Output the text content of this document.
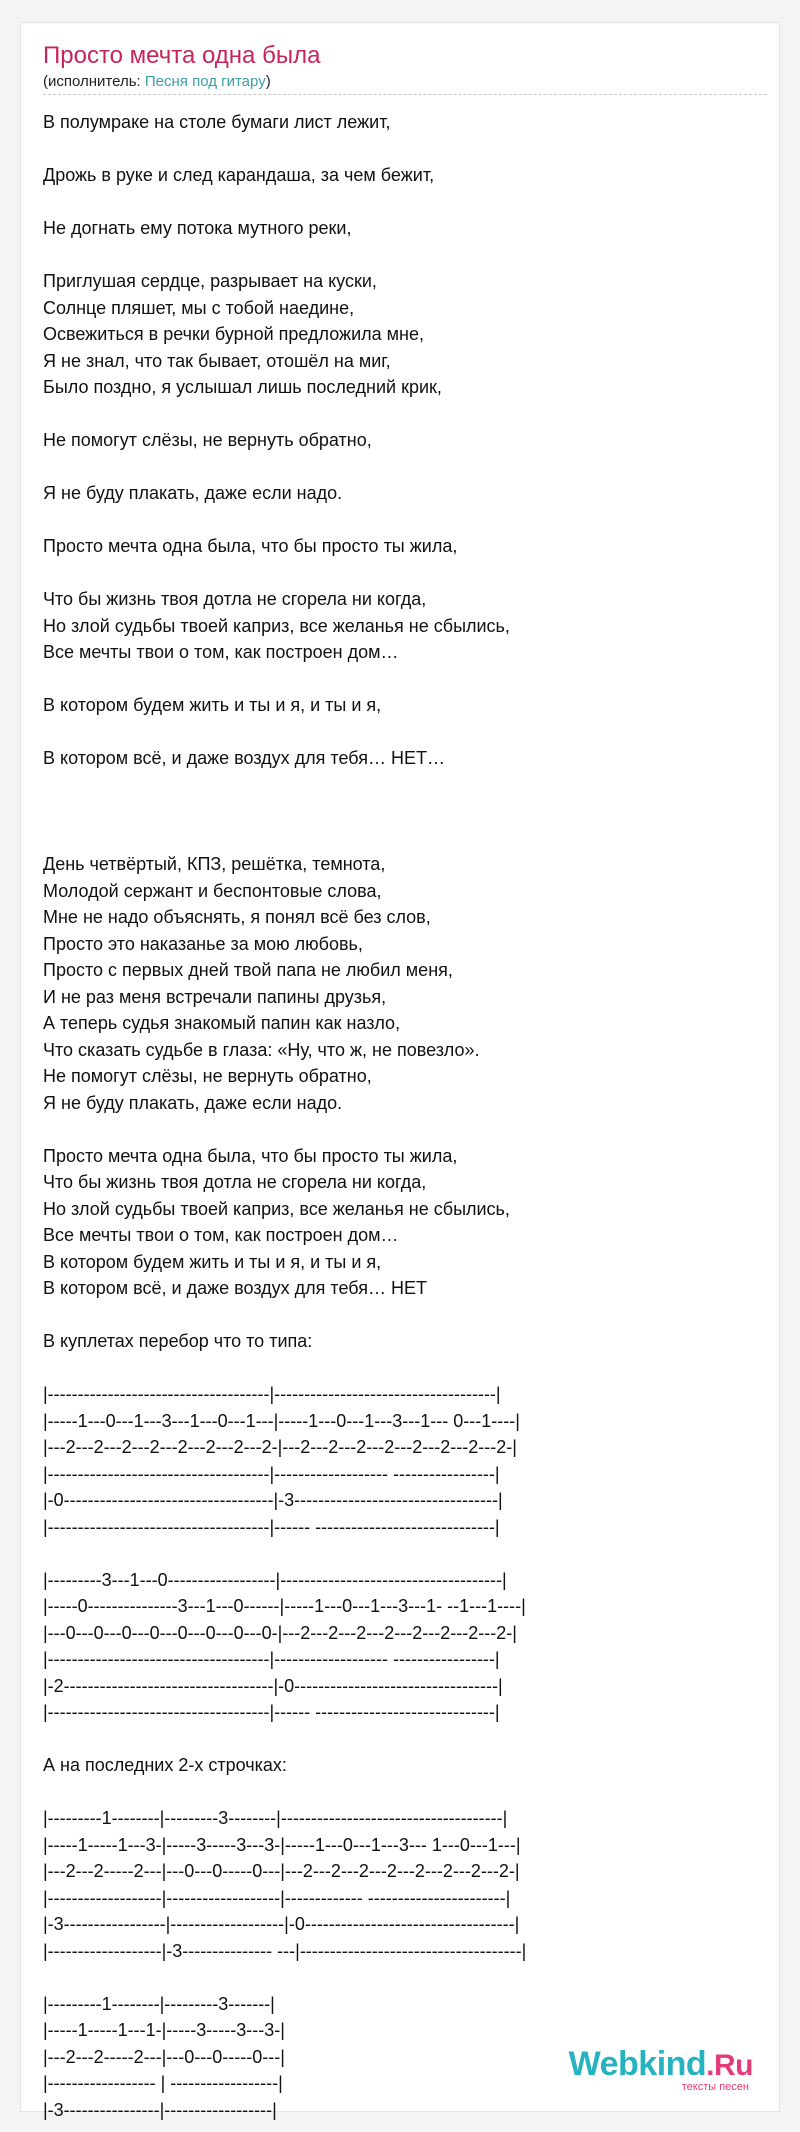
Просто мечта одна была
(исполнитель: Песня под гитару)
В полумраке на столе бумаги лист лежит,

Дрожь в руке и след карандаша, за чем бежит,

Не догнать ему потока мутного реки,

Приглушая сердце, разрывает на куски,
Солнце пляшет, мы с тобой наедине,
Освежиться в речки бурной предложила мне,
Я не знал, что так бывает, отошёл на миг,
Было поздно, я услышал лишь последний крик,

Не помогут слёзы, не вернуть обратно,

Я не буду плакать, даже если надо.

Просто мечта одна была, что бы просто ты жила,

Что бы жизнь твоя дотла не сгорела ни когда,
Но злой судьбы твоей каприз, все желанья не сбылись,
Все мечты твои о том, как построен дом…

В котором будем жить и ты и я, и ты и я,

В котором всё, и даже воздух для тебя… НЕТ…

День четвёртый, КПЗ, решётка, темнота,
Молодой сержант и беспонтовые слова,
Мне не надо объяснять, я понял всё без слов,
Просто это наказанье за мою любовь,
Просто с первых дней твой папа не любил меня,
И не раз меня встречали папины друзья,
А теперь судья знакомый папин как назло,
Что сказать судьбе в глаза: «Ну, что ж, не повезло».
Не помогут слёзы, не вернуть обратно,
Я не буду плакать, даже если надо.

Просто мечта одна была, что бы просто ты жила,
Что бы жизнь твоя дотла не сгорела ни когда,
Но злой судьбы твоей каприз, все желанья не сбылись,
Все мечты твои о том, как построен дом…
В котором будем жить и ты и я, и ты и я,
В котором всё, и даже воздух для тебя… НЕТ

В куплетах перебор что то типа:

|-------------------------------------|-------------------------------------|
|-----1---0---1---3---1---0---1---|-----1---0---1---3---1--- 0---1----|
|---2---2---2---2---2---2---2---2-|---2---2---2---2---2---2---2---2-|
|-------------------------------------|------------------- -----------------|
|-0-----------------------------------|-3----------------------------------|
|-------------------------------------|------ ------------------------------|

|---------3---1---0------------------|-------------------------------------|
|-----0---------------3---1---0------|-----1---0---1---3---1- --1---1----|
|---0---0---0---0---0---0---0---0-|---2---2---2---2---2---2---2---2-|
|-------------------------------------|------------------- -----------------|
|-2-----------------------------------|-0----------------------------------|
|-------------------------------------|------ ------------------------------|

А на последних 2-х строчках:

|---------1--------|---------3--------|-------------------------------------|
|-----1-----1---3-|-----3-----3---3-|-----1---0---1---3--- 1---0---1---|
|---2---2-----2---|---0---0-----0---|---2---2---2---2---2---2---2---2-|
|-------------------|-------------------|------------- -----------------------|
|-3-----------------|-------------------|-0-----------------------------------|
|-------------------|-3--------------- ---|-------------------------------------|

|---------1--------|---------3-------|
|-----1-----1---1-|-----3-----3---3-|
|---2---2-----2---|---0---0-----0---|
|------------------ | ------------------|
|-3----------------|------------------|
Webkind.Ru
тексты песен
